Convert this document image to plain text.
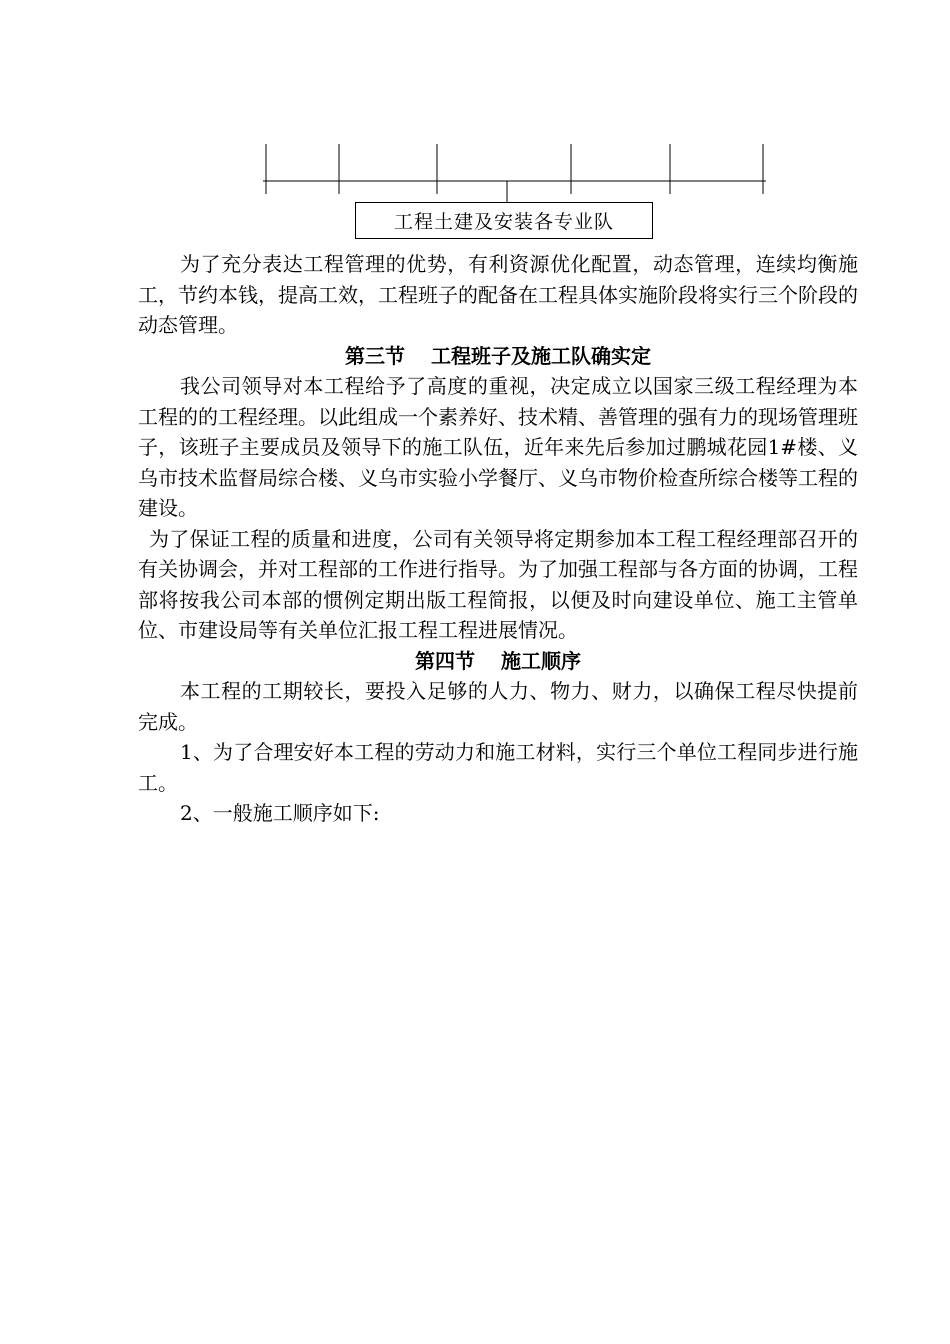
工程土建及安装各专业队

为了充分表达工程管理的优势，有利资源优化配置，动态管理，连续均衡施工，节约本钱，提高工效，工程班子的配备在工程具体实施阶段将实行三个阶段的动态管理。

第三节 工程班子及施工队确实定

我公司领导对本工程给予了高度的重视，决定成立以国家三级工程经理为本工程的的工程经理。以此组成一个素养好、技术精、善管理的强有力的现场管理班子，该班子主要成员及领导下的施工队伍，近年来先后参加过鹏城花园1#楼、义乌市技术监督局综合楼、义乌市实验小学餐厅、义乌市物价检查所综合楼等工程的建设。

为了保证工程的质量和进度，公司有关领导将定期参加本工程工程经理部召开的有关协调会，并对工程部的工作进行指导。为了加强工程部与各方面的协调，工程部将按我公司本部的惯例定期出版工程简报，以便及时向建设单位、施工主管单位、市建设局等有关单位汇报工程工程进展情况。

第四节 施工顺序

本工程的工期较长，要投入足够的人力、物力、财力，以确保工程尽快提前完成。

1、为了合理安好本工程的劳动力和施工材料，实行三个单位工程同步进行施工。

2、一般施工顺序如下:
